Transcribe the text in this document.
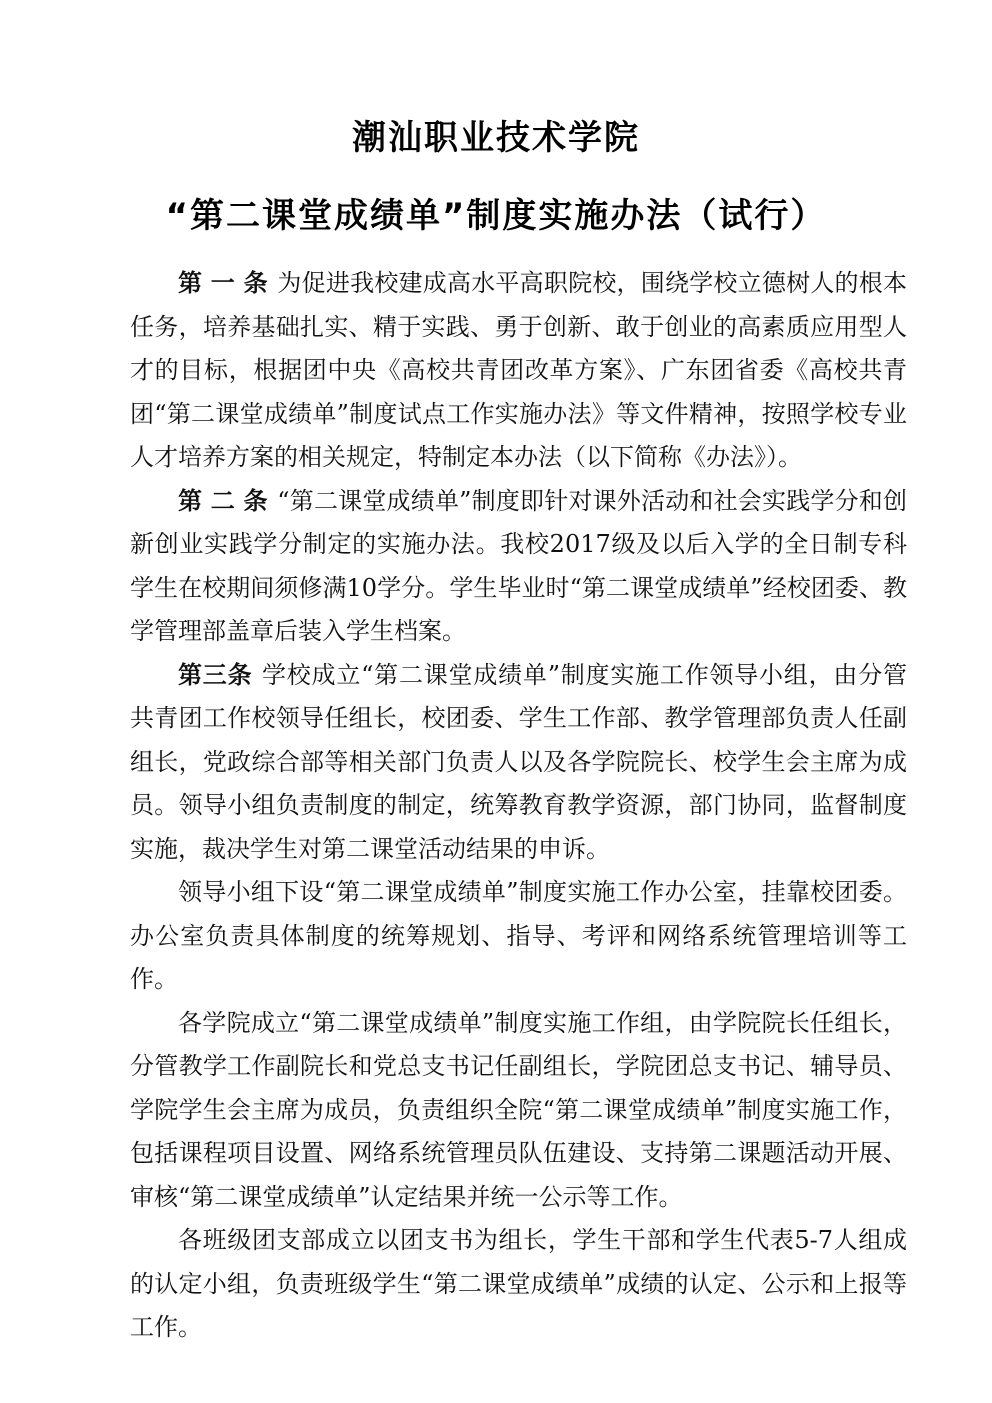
潮汕职业技术学院
“第二课堂成绩单”制度实施办法（试行）

第 一 条 为促进我校建成高水平高职院校，围绕学校立德树人的根本任务，培养基础扎实、精于实践、勇于创新、敢于创业的高素质应用型人才的目标，根据团中央《高校共青团改革方案》、广东团省委《高校共青团“第二课堂成绩单”制度试点工作实施办法》等文件精神，按照学校专业人才培养方案的相关规定，特制定本办法（以下简称《办法》）。

第 二 条 “第二课堂成绩单”制度即针对课外活动和社会实践学分和创新创业实践学分制定的实施办法。我校2017级及以后入学的全日制专科学生在校期间须修满10学分。学生毕业时“第二课堂成绩单”经校团委、教学管理部盖章后装入学生档案。

第三条 学校成立“第二课堂成绩单”制度实施工作领导小组，由分管共青团工作校领导任组长，校团委、学生工作部、教学管理部负责人任副组长，党政综合部等相关部门负责人以及各学院院长、校学生会主席为成员。领导小组负责制度的制定，统筹教育教学资源，部门协同，监督制度实施，裁决学生对第二课堂活动结果的申诉。

领导小组下设“第二课堂成绩单”制度实施工作办公室，挂靠校团委。办公室负责具体制度的统筹规划、指导、考评和网络系统管理培训等工作。

各学院成立“第二课堂成绩单”制度实施工作组，由学院院长任组长，分管教学工作副院长和党总支书记任副组长，学院团总支书记、辅导员、学院学生会主席为成员，负责组织全院“第二课堂成绩单”制度实施工作，包括课程项目设置、网络系统管理员队伍建设、支持第二课题活动开展、审核“第二课堂成绩单”认定结果并统一公示等工作。

各班级团支部成立以团支书为组长，学生干部和学生代表5-7人组成的认定小组，负责班级学生“第二课堂成绩单”成绩的认定、公示和上报等工作。
